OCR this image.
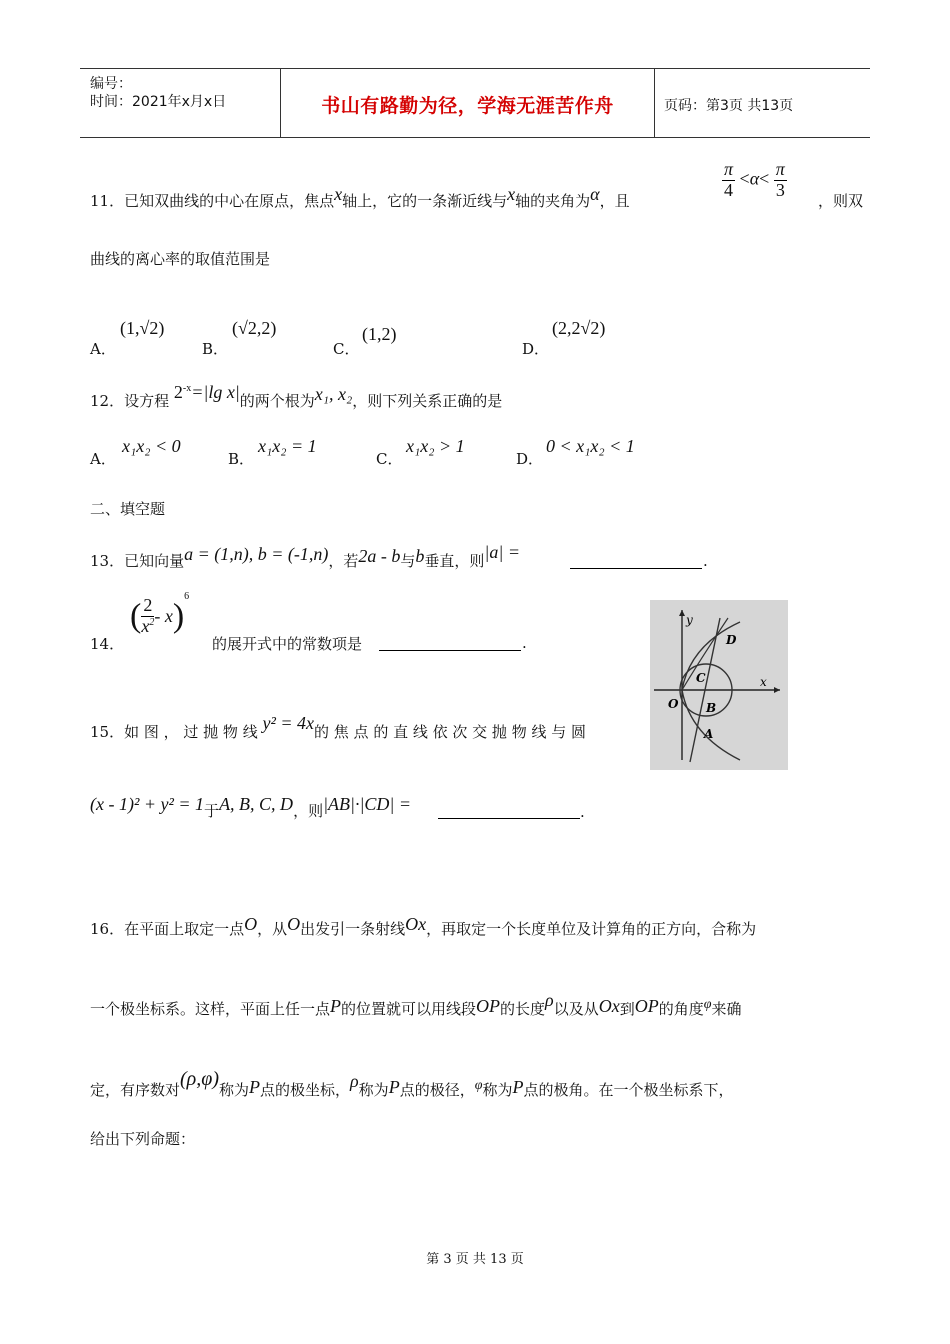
编号：
时间：2021年x月x日	书山有路勤为径，学海无涯苦作舟	页码：第3页 共13页
11．已知双曲线的中心在原点，焦点x轴上，它的一条渐近线与x轴的夹角为α，且
$\frac{\pi}{4} <\alpha< \frac{\pi}{3}$
，则双
曲线的离心率的取值范围是
A．
(1,√2)
B．
(√2,2)
C．
(1,2)
D．
(2,2√2)
12．设方程 $2^{-x}=|\lg$ x|的两个根为x₁, x₂，则下列关系正确的是
A．
x₁x₂ < 0
B．
x₁x₂ = 1
C．
x₁x₂ > 1
D．
0 < x₁x₂ < 1
二、填空题
13．已知向量a = (1,n), b = (-1,n)，若2a - b与b垂直，则|a| =	.
14．
( $\frac{2}{x^2} - x)^6$
的展开式中的常数项是	.
15．如 图 ， 过 抛 物 线 y² = 4x的 焦 点 的 直 线 依 次 交 抛 物 线 与 圆
(x - 1)² + y² = 1于A, B, C, D，则|AB|·|CD| =	.
y
x
O
D
C
B
A
16．在平面上取定一点O，从O出发引一条射线Ox，再取定一个长度单位及计算角的正方向，合称为
一个极坐标系。这样，平面上任一点P的位置就可以用线段OP的长度ρ以及从Ox到OP的角度φ来确
定，有序数对(ρ,φ)称为P点的极坐标，ρ称为P点的极径，φ称为P点的极角。在一个极坐标系下，
给出下列命题：
第 3 页 共 13 页
